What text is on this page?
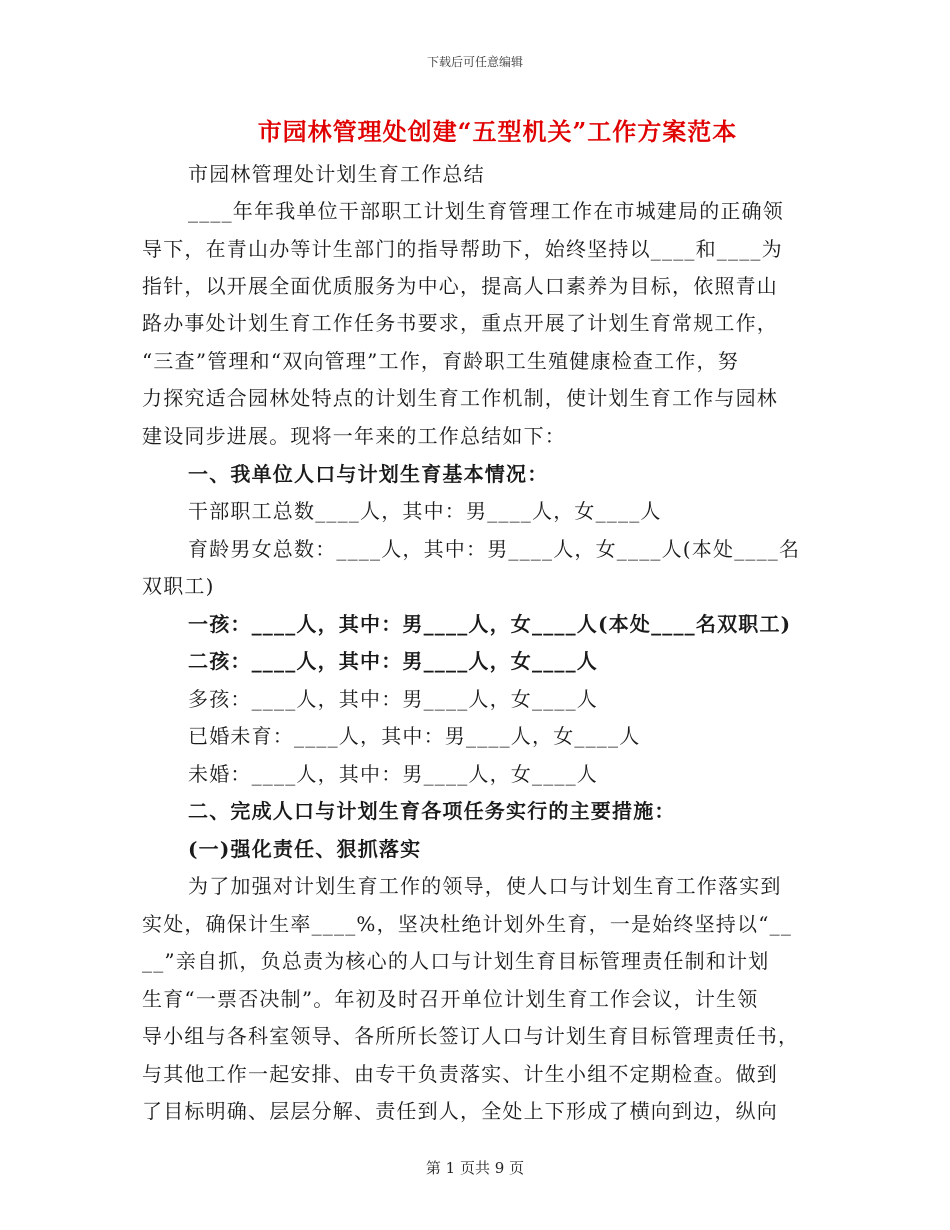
下载后可任意编辑
市园林管理处创建“五型机关”工作方案范本
市园林管理处计划生育工作总结
____年年我单位干部职工计划生育管理工作在市城建局的正确领
导下，在青山办等计生部门的指导帮助下，始终坚持以____和____为
指针，以开展全面优质服务为中心，提高人口素养为目标，依照青山
路办事处计划生育工作任务书要求，重点开展了计划生育常规工作，
“三查”管理和“双向管理”工作，育龄职工生殖健康检查工作，努
力探究适合园林处特点的计划生育工作机制，使计划生育工作与园林
建设同步进展。现将一年来的工作总结如下：
一、我单位人口与计划生育基本情况：
干部职工总数____人，其中：男____人，女____人
育龄男女总数：____人，其中：男____人，女____人(本处____名
双职工)
一孩：____人，其中：男____人，女____人(本处____名双职工)
二孩：____人，其中：男____人，女____人
多孩：____人，其中：男____人，女____人
已婚未育：____人，其中：男____人，女____人
未婚：____人，其中：男____人，女____人
二、完成人口与计划生育各项任务实行的主要措施：
(一)强化责任、狠抓落实
为了加强对计划生育工作的领导，使人口与计划生育工作落实到
实处，确保计生率____%，坚决杜绝计划外生育，一是始终坚持以“__
__”亲自抓，负总责为核心的人口与计划生育目标管理责任制和计划
生育“一票否决制”。年初及时召开单位计划生育工作会议，计生领
导小组与各科室领导、各所所长签订人口与计划生育目标管理责任书，
与其他工作一起安排、由专干负责落实、计生小组不定期检查。做到
了目标明确、层层分解、责任到人，全处上下形成了横向到边，纵向
第 1 页共 9 页
